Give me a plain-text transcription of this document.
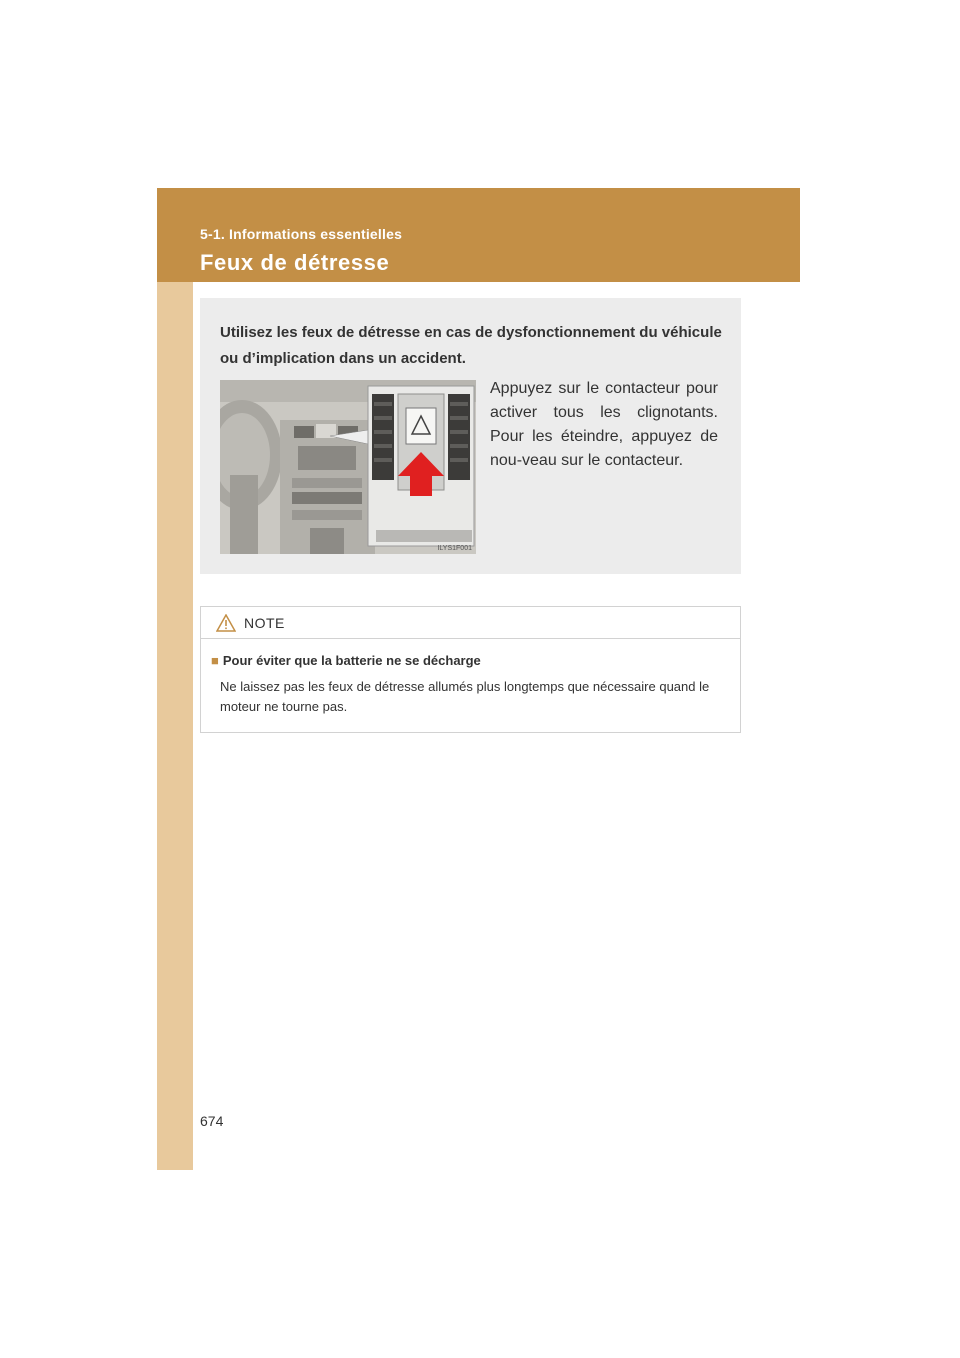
5-1. Informations essentielles
Feux de détresse
Utilisez les feux de détresse en cas de dysfonctionnement du véhicule ou d’implication dans un accident.
ILYS1F001
Appuyez sur le contacteur pour activer tous les clignotants. Pour les éteindre, appuyez de nou-veau sur le contacteur.
NOTE
■ Pour éviter que la batterie ne se décharge
Ne laissez pas les feux de détresse allumés plus longtemps que nécessaire quand le moteur ne tourne pas.
674
